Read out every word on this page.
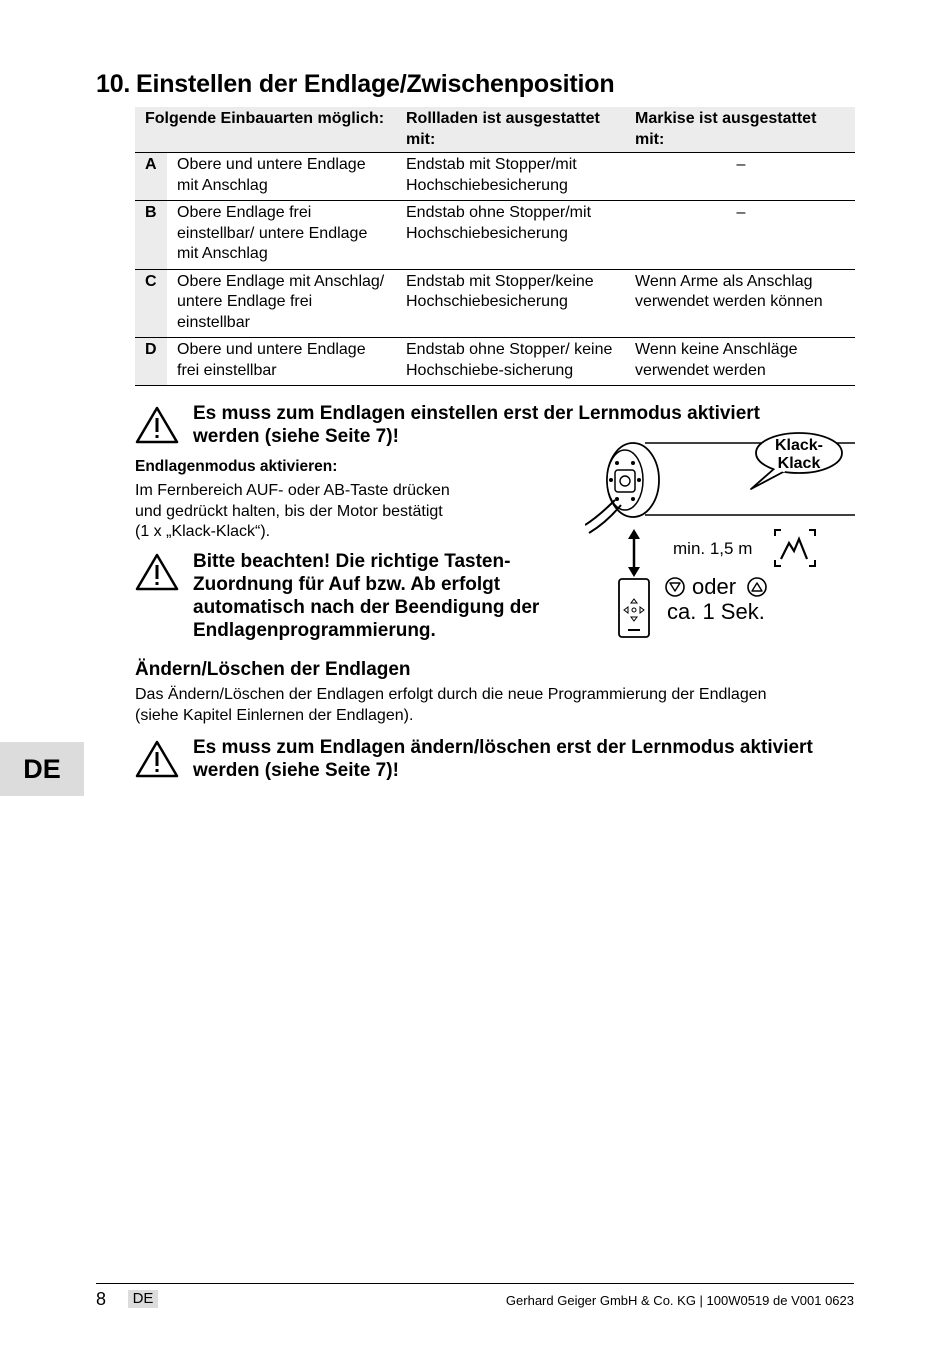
10. Einstellen der Endlage/Zwischenposition
Folgende Einbauarten möglich:		Rollladen ist ausgestattet mit:	Markise ist ausgestattet mit:
A	Obere und untere Endlage mit Anschlag	Endstab mit Stopper/mit Hochschiebesicherung	–
B	Obere Endlage frei einstellbar/ untere Endlage mit Anschlag	Endstab ohne Stopper/mit Hochschiebesicherung	–
C	Obere Endlage mit Anschlag/ untere Endlage frei einstellbar	Endstab mit Stopper/keine Hochschiebesicherung	Wenn Arme als Anschlag verwendet werden können
D	Obere und untere Endlage frei einstellbar	Endstab ohne Stopper/ keine Hochschiebe-sicherung	Wenn keine Anschläge verwendet werden
Es muss zum Endlagen einstellen erst der Lernmodus aktiviert
werden (siehe Seite 7)!
Endlagenmodus aktivieren:
Im Fernbereich AUF- oder AB-Taste drücken
und gedrückt halten, bis der Motor bestätigt
(1 x „Klack-Klack“).
Bitte beachten! Die richtige Tasten-
Zuordnung für Auf bzw. Ab erfolgt
automatisch nach der Beendigung der
Endlagenprogrammierung.
Klack-
Klack
min. 1,5 m
oder
ca. 1 Sek.
Ändern/Löschen der Endlagen
Das Ändern/Löschen der Endlagen erfolgt durch die neue Programmierung der Endlagen
(siehe Kapitel Einlernen der Endlagen).
Es muss zum Endlagen ändern/löschen erst der Lernmodus aktiviert
werden (siehe Seite 7)!
DE
8	DE	Gerhard Geiger GmbH & Co. KG | 100W0519 de V001 0623
